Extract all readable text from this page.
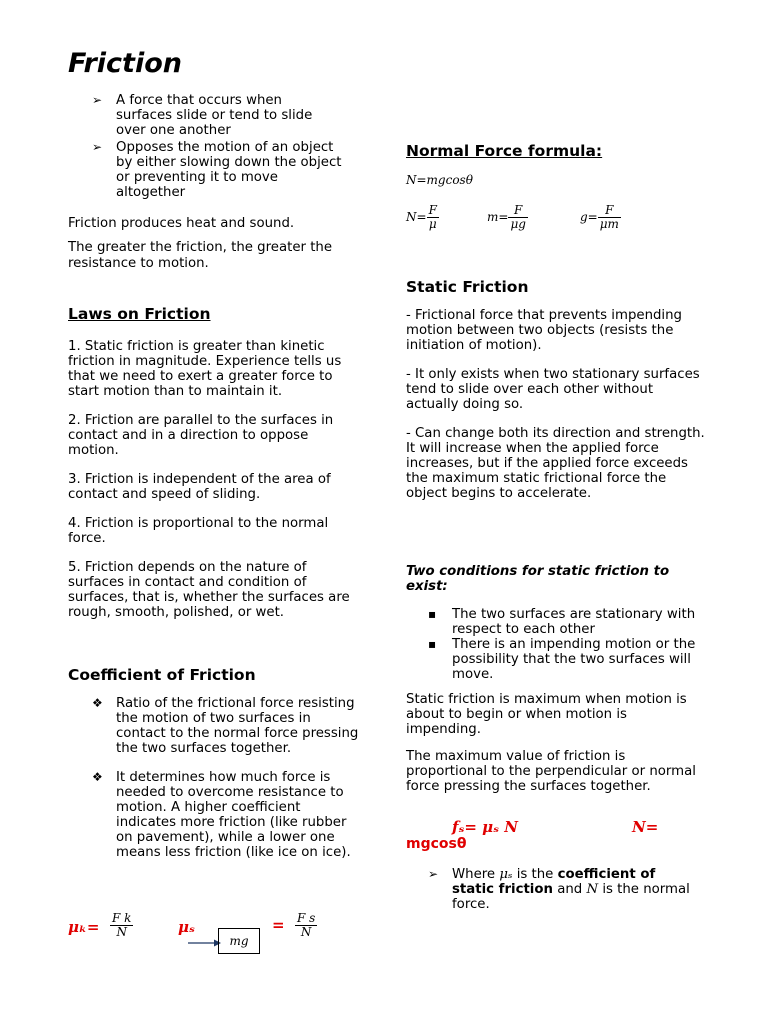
Friction
➢ A force that occurs when surfaces slide or tend to slide over one another
➢ Opposes the motion of an object by either slowing down the object or preventing it to move altogether

Friction produces heat and sound.

The greater the friction, the greater the resistance to motion.

Laws on Friction

1. Static friction is greater than kinetic friction in magnitude. Experience tells us that we need to exert a greater force to start motion than to maintain it.

2. Friction are parallel to the surfaces in contact and in a direction to oppose motion.

3. Friction is independent of the area of contact and speed of sliding.

4. Friction is proportional to the normal force.

5. Friction depends on the nature of surfaces in contact and condition of surfaces, that is, whether the surfaces are rough, smooth, polished, or wet.

Coefficient of Friction
❖ Ratio of the frictional force resisting the motion of two surfaces in contact to the normal force pressing the two surfaces together.
❖ It determines how much force is needed to overcome resistance to motion. A higher coefficient indicates more friction (like rubber on pavement), while a lower one means less friction (like ice on ice).
$\mu_k= \frac{\text{F k}}{N}$	μₛ
mg
= $\frac{\text{F s}}{N}$
Normal Force formula:
N=mgcosθ
$N= \frac{F}{\mu}$	$m= \frac{F}{\mu g}$	$g= \frac{F}{\mu m}$
Static Friction

- Frictional force that prevents impending motion between two objects (resists the initiation of motion).

- It only exists when two stationary surfaces tend to slide over each other without actually doing so.

- Can change both its direction and strength. It will increase when the applied force increases, but if the applied force exceeds the maximum static frictional force the object begins to accelerate.

Two conditions for static friction to exist:
▪ The two surfaces are stationary with respect to each other
▪ There is an impending motion or the possibility that the two surfaces will move.

Static friction is maximum when motion is about to begin or when motion is impending.

The maximum value of friction is proportional to the perpendicular or normal force pressing the surfaces together.

fₛ= μₛ N	N=
mgcosθ
➢ Where μₛ is the coefficient of static friction and N is the normal force.
